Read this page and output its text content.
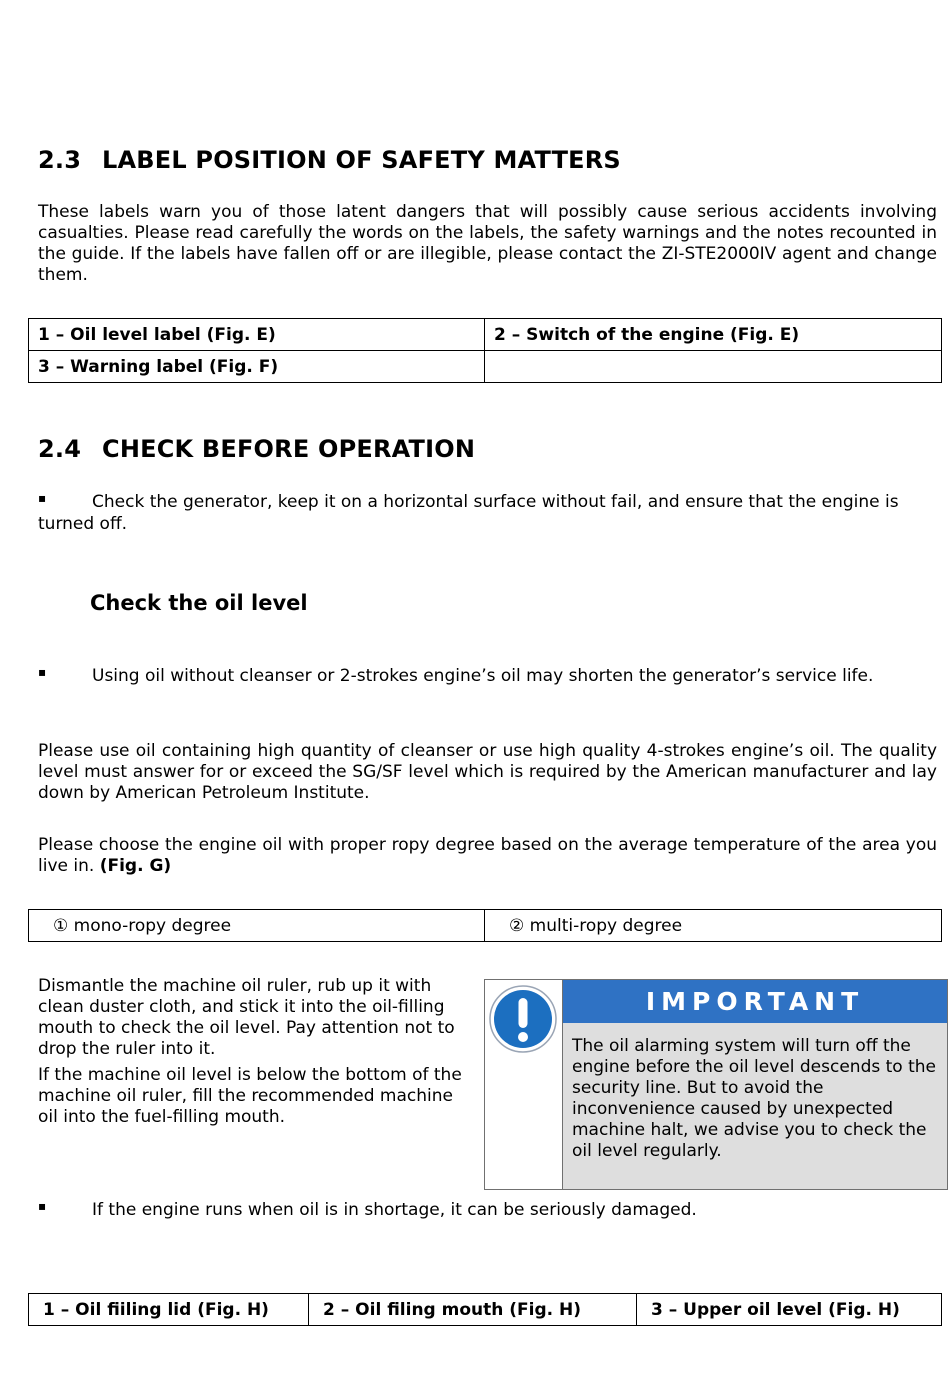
2.3 LABEL POSITION OF SAFETY MATTERS

These labels warn you of those latent dangers that will possibly cause serious accidents involving casualties. Please read carefully the words on the labels, the safety warnings and the notes recounted in the guide. If the labels have fallen off or are illegible, please contact the ZI-STE2000IV agent and change them.

1 – Oil level label (Fig. E)	2 – Switch of the engine (Fig. E)
3 – Warning label (Fig. F)	
2.4 CHECK BEFORE OPERATION
▪	Check the generator, keep it on a horizontal surface without fail, and ensure that the engine is turned off.

Check the oil level
▪	Using oil without cleanser or 2-strokes engine’s oil may shorten the generator’s service life.

Please use oil containing high quantity of cleanser or use high quality 4-strokes engine’s oil. The quality level must answer for or exceed the SG/SF level which is required by the American manufacturer and lay down by American Petroleum Institute.

Please choose the engine oil with proper ropy degree based on the average temperature of the area you live in. (Fig. G)

① mono-ropy degree	② multi-ropy degree

Dismantle the machine oil ruler, rub up it with clean duster cloth, and stick it into the oil-filling mouth to check the oil level. Pay attention not to drop the ruler into it.

If the machine oil level is below the bottom of the machine oil ruler, fill the recommended machine oil into the fuel-filling mouth.

IMPORTANT
The oil alarming system will turn off the engine before the oil level descends to the security line. But to avoid the inconvenience caused by unexpected machine halt, we advise you to check the oil level regularly.
▪	If the engine runs when oil is in shortage, it can be seriously damaged.

1 – Oil fiiling lid (Fig. H)	2 – Oil filing mouth (Fig. H)	3 – Upper oil level (Fig. H)
